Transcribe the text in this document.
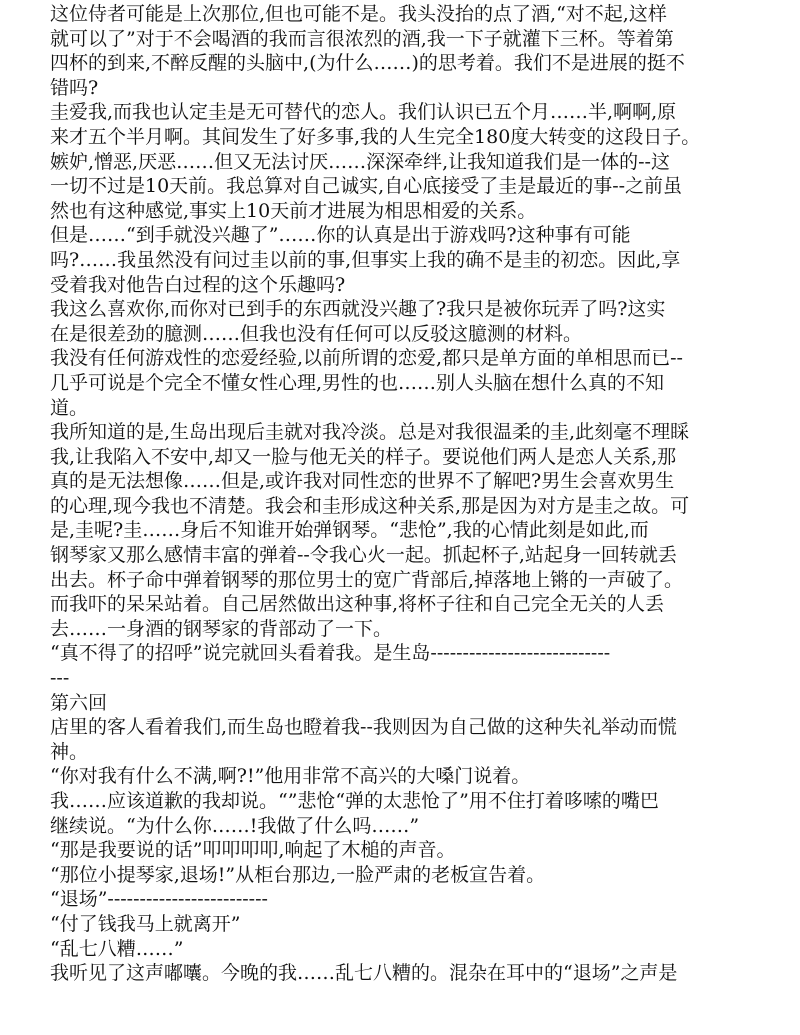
这位侍者可能是上次那位,但也可能不是。我头没抬的点了酒,“对不起,这样
就可以了”对于不会喝酒的我而言很浓烈的酒,我一下子就灌下三杯。等着第
四杯的到来,不醉反醒的头脑中,(为什么……)的思考着。我们不是进展的挺不
错吗?
圭爱我,而我也认定圭是无可替代的恋人。我们认识已五个月……半,啊啊,原
来才五个半月啊。其间发生了好多事,我的人生完全180度大转变的这段日子。
嫉妒,憎恶,厌恶……但又无法讨厌……深深牵绊,让我知道我们是一体的--这
一切不过是10天前。我总算对自己诚实,自心底接受了圭是最近的事--之前虽
然也有这种感觉,事实上10天前才进展为相思相爱的关系。
但是……“到手就没兴趣了”……你的认真是出于游戏吗?这种事有可能
吗?……我虽然没有问过圭以前的事,但事实上我的确不是圭的初恋。因此,享
受着我对他告白过程的这个乐趣吗?
我这么喜欢你,而你对已到手的东西就没兴趣了?我只是被你玩弄了吗?这实
在是很差劲的臆测……但我也没有任何可以反驳这臆测的材料。
我没有任何游戏性的恋爱经验,以前所谓的恋爱,都只是单方面的单相思而已--
几乎可说是个完全不懂女性心理,男性的也……别人头脑在想什么真的不知
道。
我所知道的是,生岛出现后圭就对我冷淡。总是对我很温柔的圭,此刻毫不理睬
我,让我陷入不安中,却又一脸与他无关的样子。要说他们两人是恋人关系,那
真的是无法想像……但是,或许我对同性恋的世界不了解吧?男生会喜欢男生
的心理,现今我也不清楚。我会和圭形成这种关系,那是因为对方是圭之故。可
是,圭呢?圭……身后不知谁开始弹钢琴。“悲怆”,我的心情此刻是如此,而
钢琴家又那么感情丰富的弹着--令我心火一起。抓起杯子,站起身一回转就丢
出去。杯子命中弹着钢琴的那位男士的宽广背部后,掉落地上锵的一声破了。
而我吓的呆呆站着。自己居然做出这种事,将杯子往和自己完全无关的人丢
去……一身酒的钢琴家的背部动了一下。
“真不得了的招呼”说完就回头看着我。是生岛----------------------------
---
第六回
店里的客人看着我们,而生岛也瞪着我--我则因为自己做的这种失礼举动而慌
神。
“你对我有什么不满,啊?!”他用非常不高兴的大嗓门说着。
我……应该道歉的我却说。“”悲怆“弹的太悲怆了”用不住打着哆嗦的嘴巴
继续说。“为什么你……!我做了什么吗……”
“那是我要说的话”叩叩叩叩,响起了木槌的声音。
“那位小提琴家,退场!”从柜台那边,一脸严肃的老板宣告着。
“退场”-------------------------
“付了钱我马上就离开”
“乱七八糟……”
我听见了这声嘟囔。今晚的我……乱七八糟的。混杂在耳中的“退场”之声是
